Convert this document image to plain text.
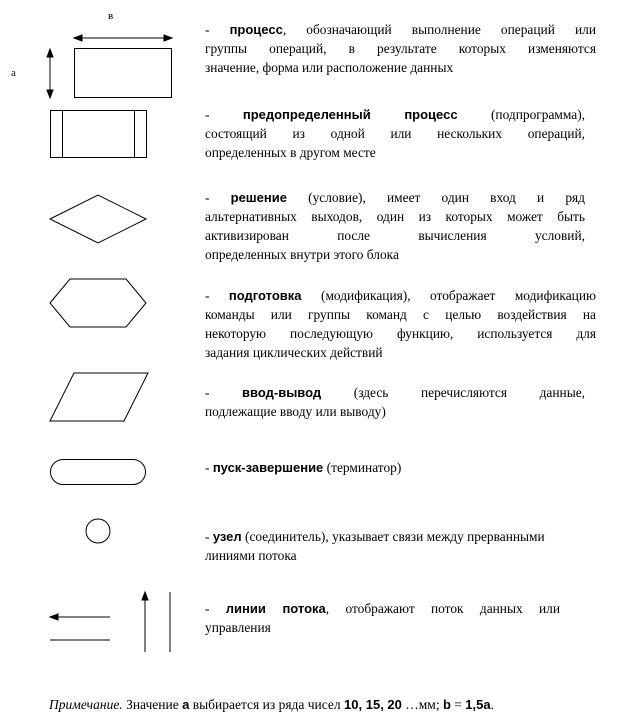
в
а
- процесс, обозначающий выполнение операций или
группы операций, в результате которых изменяются
значение, форма или расположение данных
- предопределенный процесс (подпрограмма),
состоящий из одной или нескольких операций,
определенных в другом месте
- решение (условие), имеет один вход и ряд
альтернативных выходов, один из которых может быть
активизирован после вычисления условий,
определенных внутри этого блока
- подготовка (модификация), отображает модификацию
команды или группы команд с целью воздействия на
некоторую последующую функцию, используется для
задания циклических действий
- ввод-вывод (здесь перечисляются данные,
подлежащие вводу или выводу)
- пуск-завершение (терминатор)
- узел (соединитель), указывает связи между прерванными
линиями потока
- линии потока, отображают поток данных или
управления
Примечание. Значение а выбирается из ряда чисел 10, 15, 20 …мм; b = 1,5а.
